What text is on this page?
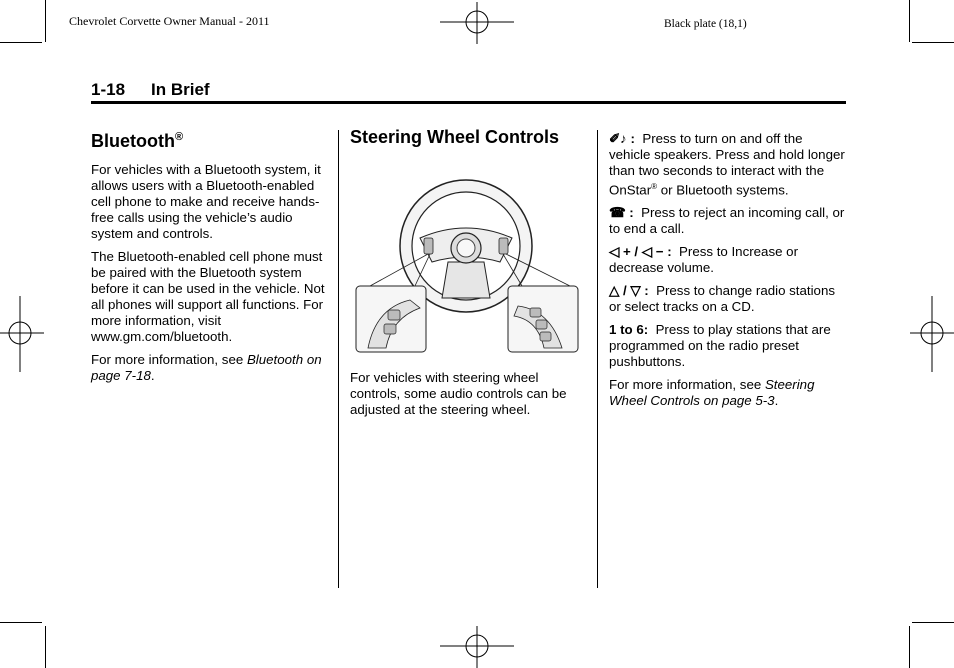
Chevrolet Corvette Owner Manual - 2011	Black plate (18,1)
1-18 In Brief
Bluetooth®

For vehicles with a Bluetooth system, it allows users with a Bluetooth-enabled cell phone to make and receive hands-free calls using the vehicle’s audio system and controls.

The Bluetooth-enabled cell phone must be paired with the Bluetooth system before it can be used in the vehicle. Not all phones will support all functions. For more information, visit www.gm.com/bluetooth.

For more information, see Bluetooth on page 7-18.

Steering Wheel Controls

For vehicles with steering wheel controls, some audio controls can be adjusted at the steering wheel.

✐♪ : Press to turn on and off the vehicle speakers. Press and hold longer than two seconds to interact with the OnStar® or Bluetooth systems.

☎ : Press to reject an incoming call, or to end a call.

◁ + / ◁ − : Press to Increase or decrease volume.

△ / ▽ : Press to change radio stations or select tracks on a CD.

1 to 6: Press to play stations that are programmed on the radio preset pushbuttons.

For more information, see Steering Wheel Controls on page 5-3.
